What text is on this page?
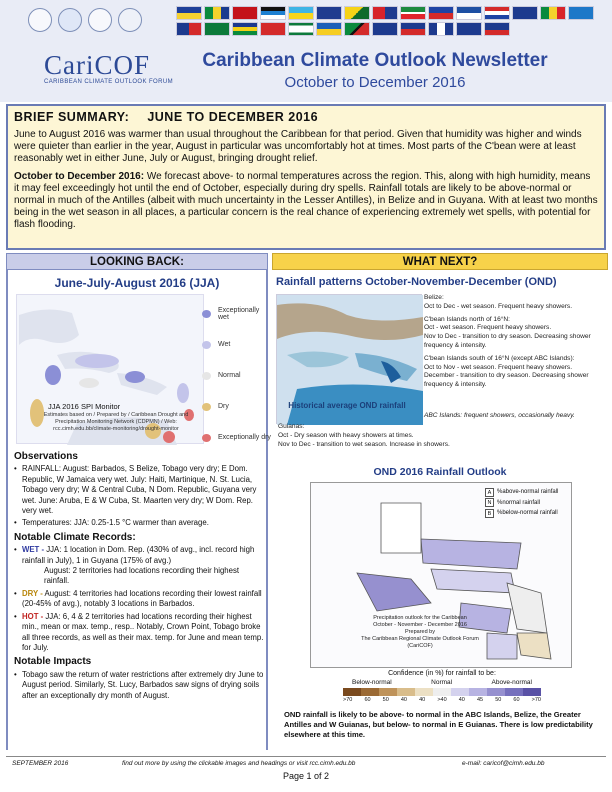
CariCOF
CARIBBEAN CLIMATE OUTLOOK FORUM
Caribbean Climate Outlook Newsletter
October to December 2016
BRIEF SUMMARY: JUNE TO DECEMBER 2016

June to August 2016 was warmer than usual throughout the Caribbean for that period. Given that humidity was higher and winds were quieter than earlier in the year, August in particular was uncomfortably hot at times. Most parts of the C'bean were at least reasonably wet in either June, July or August, bringing drought relief.

October to December 2016: We forecast above- to normal temperatures across the region. This, along with high humidity, means it may feel exceedingly hot until the end of October, especially during dry spells. Rainfall totals are likely to be above-normal or normal in much of the Antilles (albeit with much uncertainty in the Lesser Antilles), in Belize and in Guyana. With at least two months being in the wet season in all places, a particular concern is the real chance of experiencing extremely wet spells, with potential for flash flooding.

LOOKING BACK:	WHAT NEXT?
June-July-August 2016 (JJA)
Exceptionally wet
Wet
Normal
Dry
Exceptionally dry
JJA 2016 SPI Monitor
Estimates based on / Prepared by / Caribbean Drought and Precipitation Monitoring Network (CDPMN) / Web: rcc.cimh.edu.bb/climate-monitoring/drought-monitor
Observations
• RAINFALL: August: Barbados, S Belize, Tobago very dry; E Dom. Republic, W Jamaica very wet. July: Haiti, Martinique, N. St. Lucia, Tobago very dry; W & Central Cuba, N Dom. Republic, Guyana very wet. June: Aruba, E & W Cuba, St. Maarten very dry; W Dom. Rep. very wet.
• Temperatures: JJA: 0.25-1.5 °C warmer than average.
Notable Climate Records:
• WET - JJA: 1 location in Dom. Rep. (430% of avg., incl. record high rainfall in July), 1 in Guyana (175% of avg.)
August: 2 territories had locations recording their highest rainfall.
• DRY - August: 4 territories had locations recording their lowest rainfall (20-45% of avg.), notably 3 locations in Barbados.
• HOT - JJA: 6, 4 & 2 territories had locations recording their highest min., mean or max. temp., resp.. Notably, Crown Point, Tobago broke all three records, as well as their max. temp. for June and mean temp. for July.
Notable Impacts
• Tobago saw the return of water restrictions after extremely dry June to August period. Similarly, St. Lucy, Barbados saw signs of drying soils after an exceptionally dry month of August.
Rainfall patterns October-November-December (OND)
Historical average OND rainfall
Belize:
Oct to Dec - wet season. Frequent heavy showers.
C'bean Islands north of 16°N:
Oct - wet season. Frequent heavy showers.
Nov to Dec - transition to dry season. Decreasing shower frequency & intensity.
C'bean Islands south of 16°N (except ABC Islands):
Oct to Nov - wet season. Frequent heavy showers.
December - transition to dry season. Decreasing shower frequency & intensity.
ABC Islands: frequent showers, occasionally heavy.
Guianas:
Oct - Dry season with heavy showers at times.
Nov to Dec - transition to wet season. Increase in showers.
OND 2016 Rainfall Outlook
A %above-normal rainfall
N %normal rainfall
B %below-normal rainfall
Precipitation outlook for the Caribbean
October - November - December 2016
Prepared by
The Caribbean Regional Climate Outlook Forum (CariCOF)
Confidence (in %) for rainfall to be:
Below-normal	Normal	Above-normal
>70 60 50 40 40 >40 40 45 50 60 >70
OND rainfall is likely to be above- to normal in the ABC Islands, Belize, the Greater Antilles and W Guianas, but below- to normal in E Guianas. There is low predictability elsewhere at this time.
SEPTEMBER 2016	find out more by using the clickable images and headings or visit rcc.cimh.edu.bb	e-mail: caricof@cimh.edu.bb
Page 1 of 2
